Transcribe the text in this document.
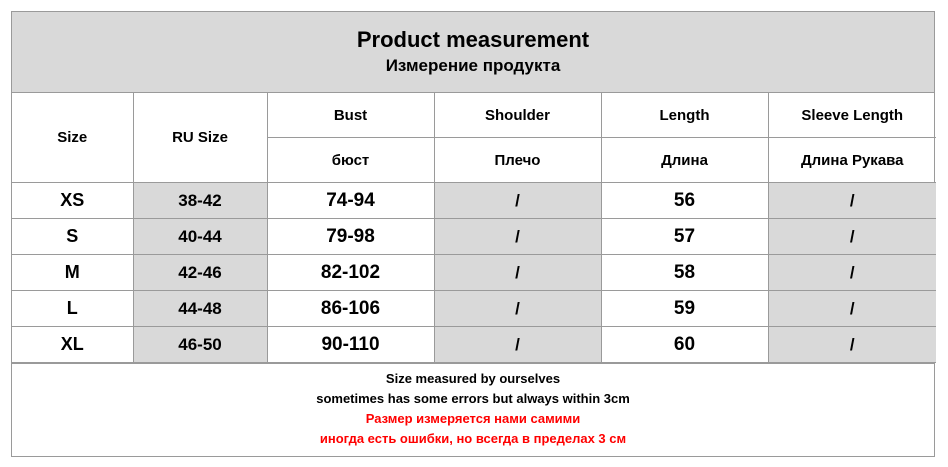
Product measurement
Измерение продукта
Size	RU Size	Bust	Shoulder	Length	Sleeve Length
		бюст	Плечо	Длина	Длина Рукава
XS	38-42	74-94	/	56	/
S	40-44	79-98	/	57	/
M	42-46	82-102	/	58	/
L	44-48	86-106	/	59	/
XL	46-50	90-110	/	60	/
Size measured by ourselves
sometimes has some errors but always within 3cm
Размер измеряется нами самими
иногда есть ошибки, но всегда в пределах 3 см
